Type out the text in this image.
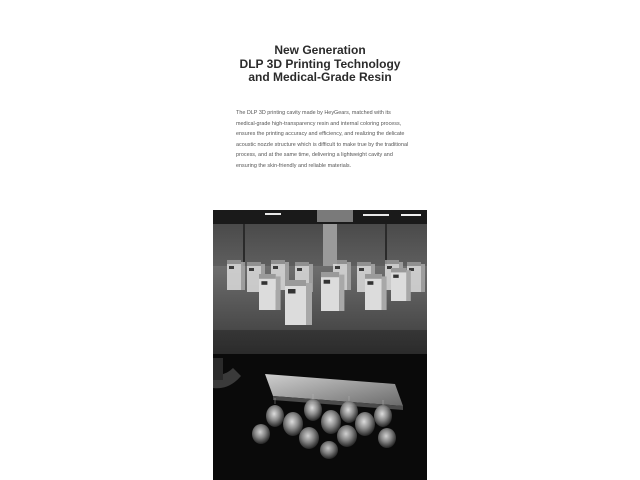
New Generation
DLP 3D Printing Technology
and Medical-Grade Resin
The DLP 3D printing cavity made by HeyGears, matched with its medical-grade high-transparency resin and internal coloring process, ensures the printing accuracy and efficiency, and realizing the delicate acoustic nozzle structure which is difficult to make true by the traditional process, and at the same time, delivering a lightweight cavity and ensuring the skin-friendly and reliable materials.
